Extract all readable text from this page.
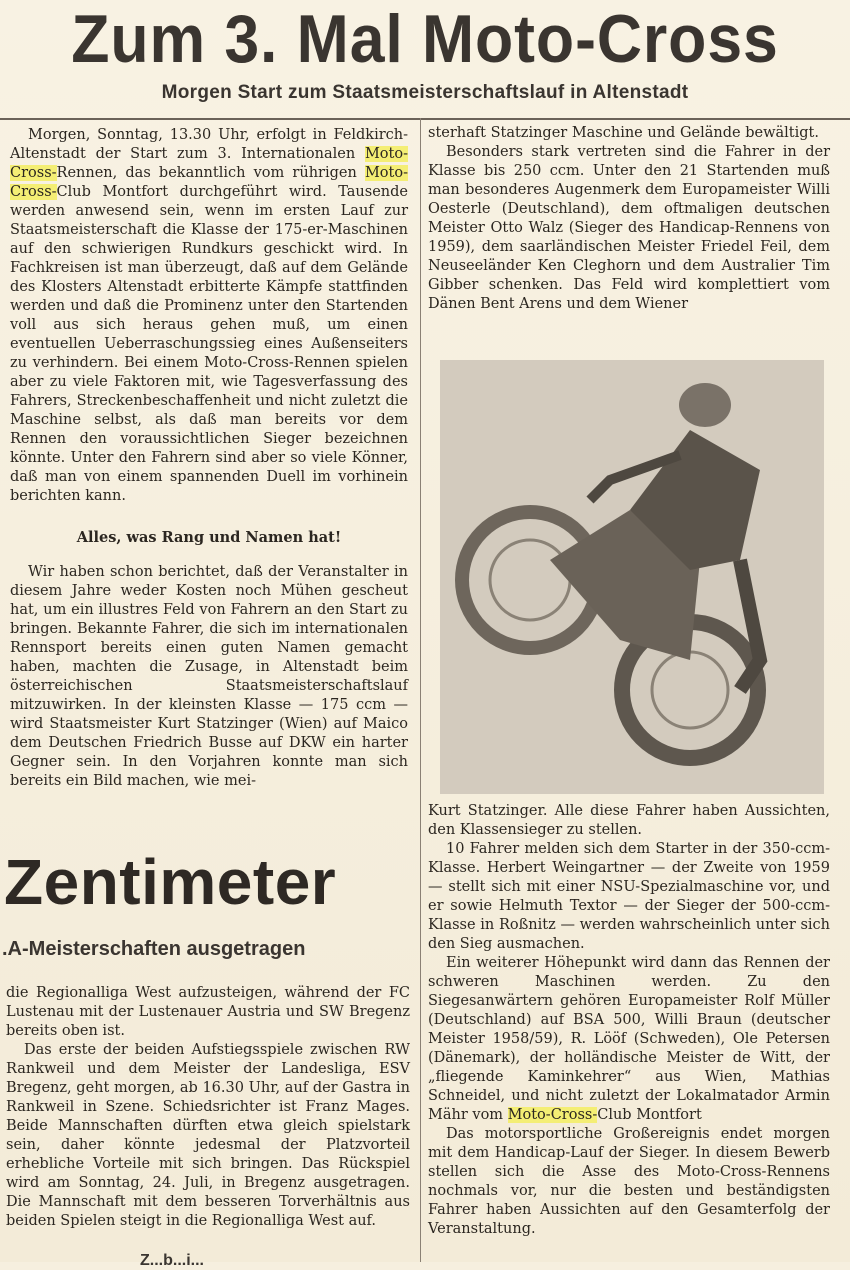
Zum 3. Mal Moto-Cross
Morgen Start zum Staatsmeisterschaftslauf in Altenstadt

Morgen, Sonntag, 13.30 Uhr, erfolgt in Feldkirch-Altenstadt der Start zum 3. Internationalen Moto-Cross-Rennen, das bekanntlich vom rührigen Moto-Cross-Club Montfort durchgeführt wird. Tausende werden anwesend sein, wenn im ersten Lauf zur Staatsmeisterschaft die Klasse der 175-er-Maschinen auf den schwierigen Rundkurs geschickt wird. In Fachkreisen ist man überzeugt, daß auf dem Gelände des Klosters Altenstadt erbitterte Kämpfe stattfinden werden und daß die Prominenz unter den Startenden voll aus sich heraus gehen muß, um einen eventuellen Ueberraschungssieg eines Außenseiters zu verhindern. Bei einem Moto-Cross-Rennen spielen aber zu viele Faktoren mit, wie Tagesverfassung des Fahrers, Streckenbeschaffenheit und nicht zuletzt die Maschine selbst, als daß man bereits vor dem Rennen den voraussichtlichen Sieger bezeichnen könnte. Unter den Fahrern sind aber so viele Könner, daß man von einem spannenden Duell im vorhinein berichten kann.

Alles, was Rang und Namen hat!

Wir haben schon berichtet, daß der Veranstalter in diesem Jahre weder Kosten noch Mühen gescheut hat, um ein illustres Feld von Fahrern an den Start zu bringen. Bekannte Fahrer, die sich im internationalen Rennsport bereits einen guten Namen gemacht haben, machten die Zusage, in Altenstadt beim österreichischen Staatsmeisterschaftslauf mitzuwirken. In der kleinsten Klasse — 175 ccm — wird Staatsmeister Kurt Statzinger (Wien) auf Maico dem Deutschen Friedrich Busse auf DKW ein harter Gegner sein. In den Vorjahren konnte man sich bereits ein Bild machen, wie mei-

sterhaft Statzinger Maschine und Gelände bewältigt.

Besonders stark vertreten sind die Fahrer in der Klasse bis 250 ccm. Unter den 21 Startenden muß man besonderes Augenmerk dem Europameister Willi Oesterle (Deutschland), dem oftmaligen deutschen Meister Otto Walz (Sieger des Handicap-Rennens von 1959), dem saarländischen Meister Friedel Feil, dem Neuseeländer Ken Cleghorn und dem Australier Tim Gibber schenken. Das Feld wird komplettiert vom Dänen Bent Arens und dem Wiener

Kurt Statzinger. Alle diese Fahrer haben Aussichten, den Klassensieger zu stellen.

10 Fahrer melden sich dem Starter in der 350-ccm-Klasse. Herbert Weingartner — der Zweite von 1959 — stellt sich mit einer NSU-Spezialmaschine vor, und er sowie Helmuth Textor — der Sieger der 500-ccm-Klasse in Roßnitz — werden wahrscheinlich unter sich den Sieg ausmachen.

Ein weiterer Höhepunkt wird dann das Rennen der schweren Maschinen werden. Zu den Siegesanwärtern gehören Europameister Rolf Müller (Deutschland) auf BSA 500, Willi Braun (deutscher Meister 1958/59), R. Lööf (Schweden), Ole Petersen (Dänemark), der holländische Meister de Witt, der „fliegende Kaminkehrer“ aus Wien, Mathias Schneidel, und nicht zuletzt der Lokalmatador Armin Mähr vom Moto-Cross-Club Montfort

Das motorsportliche Großereignis endet morgen mit dem Handicap-Lauf der Sieger. In diesem Bewerb stellen sich die Asse des Moto-Cross-Rennens nochmals vor, nur die besten und beständigsten Fahrer haben Aussichten auf den Gesamterfolg der Veranstaltung.

Zentimeter
.A-Meisterschaften ausgetragen

die Regionalliga West aufzusteigen, während der FC Lustenau mit der Lustenauer Austria und SW Bregenz bereits oben ist.

Das erste der beiden Aufstiegsspiele zwischen RW Rankweil und dem Meister der Landesliga, ESV Bregenz, geht morgen, ab 16.30 Uhr, auf der Gastra in Rankweil in Szene. Schiedsrichter ist Franz Mages. Beide Mannschaften dürften etwa gleich spielstark sein, daher könnte jedesmal der Platzvorteil erhebliche Vorteile mit sich bringen. Das Rückspiel wird am Sonntag, 24. Juli, in Bregenz ausgetragen. Die Mannschaft mit dem besseren Torverhältnis aus beiden Spielen steigt in die Regionalliga West auf.

Z...b...i...
